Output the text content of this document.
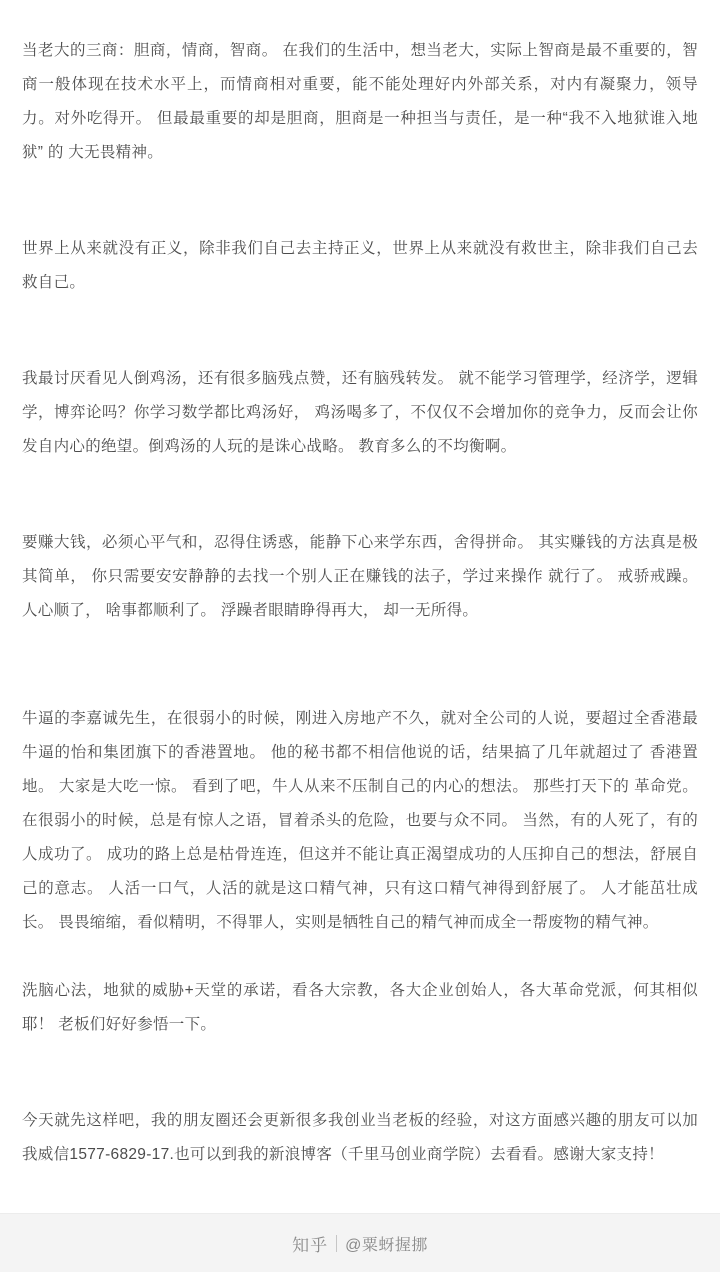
当老大的三商：胆商，情商，智商。 在我们的生活中，想当老大，实际上智商是最不重要的，智商一般体现在技术水平上，而情商相对重要，能不能处理好内外部关系，对内有凝聚力，领导力。对外吃得开。 但最最重要的却是胆商，胆商是一种担当与责任，是一种“我不入地狱谁入地狱” 的 大无畏精神。

世界上从来就没有正义，除非我们自己去主持正义，世界上从来就没有救世主，除非我们自己去救自己。

我最讨厌看见人倒鸡汤，还有很多脑残点赞，还有脑残转发。 就不能学习管理学，经济学，逻辑学，博弈论吗？你学习数学都比鸡汤好， 鸡汤喝多了，不仅仅不会增加你的竞争力，反而会让你发自内心的绝望。倒鸡汤的人玩的是诛心战略。 教育多么的不均衡啊。

要赚大钱，必须心平气和，忍得住诱惑，能静下心来学东西，舍得拼命。 其实赚钱的方法真是极其简单， 你只需要安安静静的去找一个别人正在赚钱的法子，学过来操作 就行了。 戒骄戒躁。 人心顺了， 啥事都顺利了。 浮躁者眼睛睁得再大， 却一无所得。

牛逼的李嘉诚先生，在很弱小的时候，刚进入房地产不久，就对全公司的人说，要超过全香港最牛逼的怡和集团旗下的香港置地。 他的秘书都不相信他说的话，结果搞了几年就超过了 香港置地。 大家是大吃一惊。 看到了吧，牛人从来不压制自己的内心的想法。 那些打天下的 革命党。 在很弱小的时候，总是有惊人之语，冒着杀头的危险，也要与众不同。 当然，有的人死了，有的人成功了。 成功的路上总是枯骨连连，但这并不能让真正渴望成功的人压抑自己的想法，舒展自己的意志。 人活一口气，人活的就是这口精气神，只有这口精气神得到舒展了。 人才能茁壮成长。 畏畏缩缩，看似精明，不得罪人，实则是牺牲自己的精气神而成全一帮废物的精气神。

洗脑心法，地狱的威胁+天堂的承诺，看各大宗教，各大企业创始人，各大革命党派，何其相似耶！ 老板们好好参悟一下。

今天就先这样吧，我的朋友圈还会更新很多我创业当老板的经验，对这方面感兴趣的朋友可以加我威信1577-6829-17.也可以到我的新浪博客（千里马创业商学院）去看看。感谢大家支持！

知乎 @粟蚜握挪
